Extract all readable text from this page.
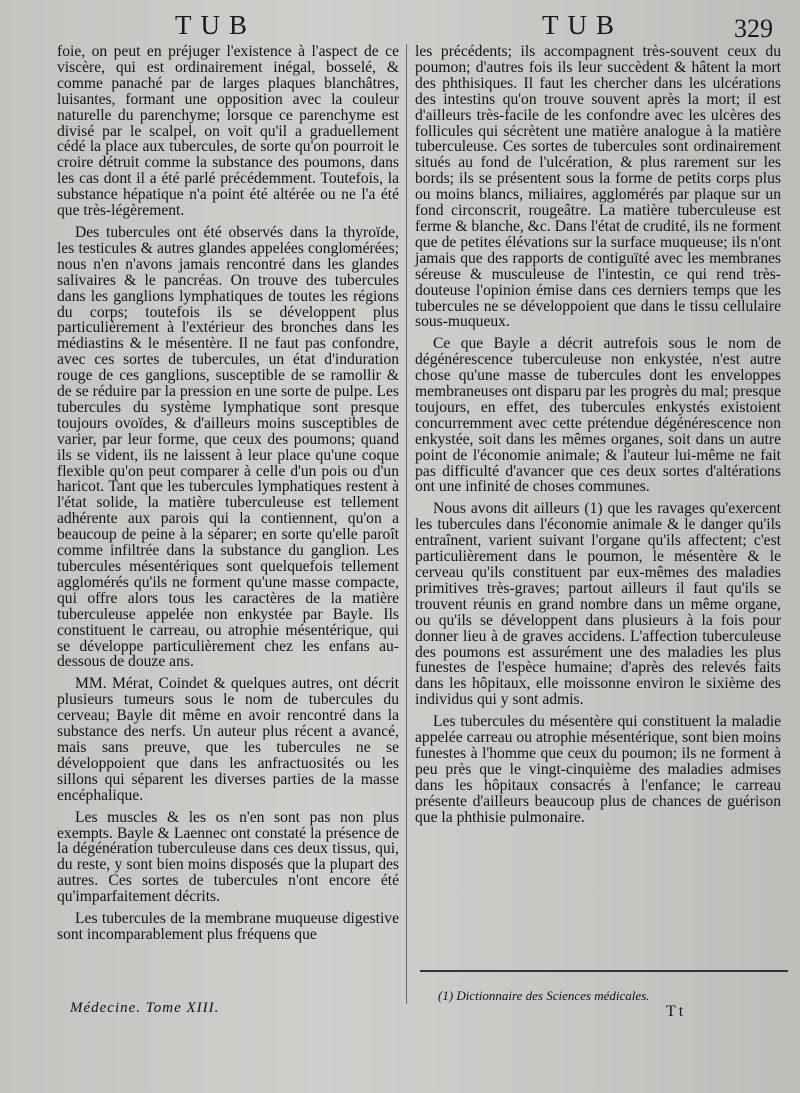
TUB	TUB	329

foie, on peut en préjuger l'existence à l'aspect de ce viscère, qui est ordinairement inégal, bosselé, & comme panaché par de larges plaques blanchâtres, luisantes, formant une opposition avec la couleur naturelle du parenchyme; lorsque ce parenchyme est divisé par le scalpel, on voit qu'il a graduellement cédé la place aux tubercules, de sorte qu'on pourroit le croire détruit comme la substance des poumons, dans les cas dont il a été parlé précédemment. Toutefois, la substance hépatique n'a point été altérée ou ne l'a été que très-légèrement.

Des tubercules ont été observés dans la thyroïde, les testicules & autres glandes appelées conglomérées; nous n'en n'avons jamais rencontré dans les glandes salivaires & le pancréas. On trouve des tubercules dans les ganglions lymphatiques de toutes les régions du corps; toutefois ils se développent plus particulièrement à l'extérieur des bronches dans les médiastins & le mésentère. Il ne faut pas confondre, avec ces sortes de tubercules, un état d'induration rouge de ces ganglions, susceptible de se ramollir & de se réduire par la pression en une sorte de pulpe. Les tubercules du système lymphatique sont presque toujours ovoïdes, & d'ailleurs moins susceptibles de varier, par leur forme, que ceux des poumons; quand ils se vident, ils ne laissent à leur place qu'une coque flexible qu'on peut comparer à celle d'un pois ou d'un haricot. Tant que les tubercules lymphatiques restent à l'état solide, la matière tuberculeuse est tellement adhérente aux parois qui la contiennent, qu'on a beaucoup de peine à la séparer; en sorte qu'elle paroît comme infiltrée dans la substance du ganglion. Les tubercules mésentériques sont quelquefois tellement agglomérés qu'ils ne forment qu'une masse compacte, qui offre alors tous les caractères de la matière tuberculeuse appelée non enkystée par Bayle. Ils constituent le carreau, ou atrophie mésentérique, qui se développe particulièrement chez les enfans au-dessous de douze ans.

MM. Mérat, Coindet & quelques autres, ont décrit plusieurs tumeurs sous le nom de tubercules du cerveau; Bayle dit même en avoir rencontré dans la substance des nerfs. Un auteur plus récent a avancé, mais sans preuve, que les tubercules ne se développoient que dans les anfractuosités ou les sillons qui séparent les diverses parties de la masse encéphalique.

Les muscles & les os n'en sont pas non plus exempts. Bayle & Laennec ont constaté la présence de la dégénération tuberculeuse dans ces deux tissus, qui, du reste, y sont bien moins disposés que la plupart des autres. Ces sortes de tubercules n'ont encore été qu'imparfaitement décrits.

Les tubercules de la membrane muqueuse digestive sont incomparablement plus fréquens que

les précédents; ils accompagnent très-souvent ceux du poumon; d'autres fois ils leur succèdent & hâtent la mort des phthisiques. Il faut les chercher dans les ulcérations des intestins qu'on trouve souvent après la mort; il est d'ailleurs très-facile de les confondre avec les ulcères des follicules qui sécrètent une matière analogue à la matière tuberculeuse. Ces sortes de tubercules sont ordinairement situés au fond de l'ulcération, & plus rarement sur les bords; ils se présentent sous la forme de petits corps plus ou moins blancs, miliaires, agglomérés par plaque sur un fond circonscrit, rougeâtre. La matière tuberculeuse est ferme & blanche, &c. Dans l'état de crudité, ils ne forment que de petites élévations sur la surface muqueuse; ils n'ont jamais que des rapports de contiguïté avec les membranes séreuse & musculeuse de l'intestin, ce qui rend très-douteuse l'opinion émise dans ces derniers temps que les tubercules ne se développoient que dans le tissu cellulaire sous-muqueux.

Ce que Bayle a décrit autrefois sous le nom de dégénérescence tuberculeuse non enkystée, n'est autre chose qu'une masse de tubercules dont les enveloppes membraneuses ont disparu par les progrès du mal; presque toujours, en effet, des tubercules enkystés existoient concurremment avec cette prétendue dégénérescence non enkystée, soit dans les mêmes organes, soit dans un autre point de l'économie animale; & l'auteur lui-même ne fait pas difficulté d'avancer que ces deux sortes d'altérations ont une infinité de choses communes.

Nous avons dit ailleurs (1) que les ravages qu'exercent les tubercules dans l'économie animale & le danger qu'ils entraînent, varient suivant l'organe qu'ils affectent; c'est particulièrement dans le poumon, le mésentère & le cerveau qu'ils constituent par eux-mêmes des maladies primitives très-graves; partout ailleurs il faut qu'ils se trouvent réunis en grand nombre dans un même organe, ou qu'ils se développent dans plusieurs à la fois pour donner lieu à de graves accidens. L'affection tuberculeuse des poumons est assurément une des maladies les plus funestes de l'espèce humaine; d'après des relevés faits dans les hôpitaux, elle moissonne environ le sixième des individus qui y sont admis.

Les tubercules du mésentère qui constituent la maladie appelée carreau ou atrophie mésentérique, sont bien moins funestes à l'homme que ceux du poumon; ils ne forment à peu près que le vingt-cinquième des maladies admises dans les hôpitaux consacrés à l'enfance; le carreau présente d'ailleurs beaucoup plus de chances de guérison que la phthisie pulmonaire.

(1) Dictionnaire des Sciences médicales.
Médecine. Tome XIII.	Tt
